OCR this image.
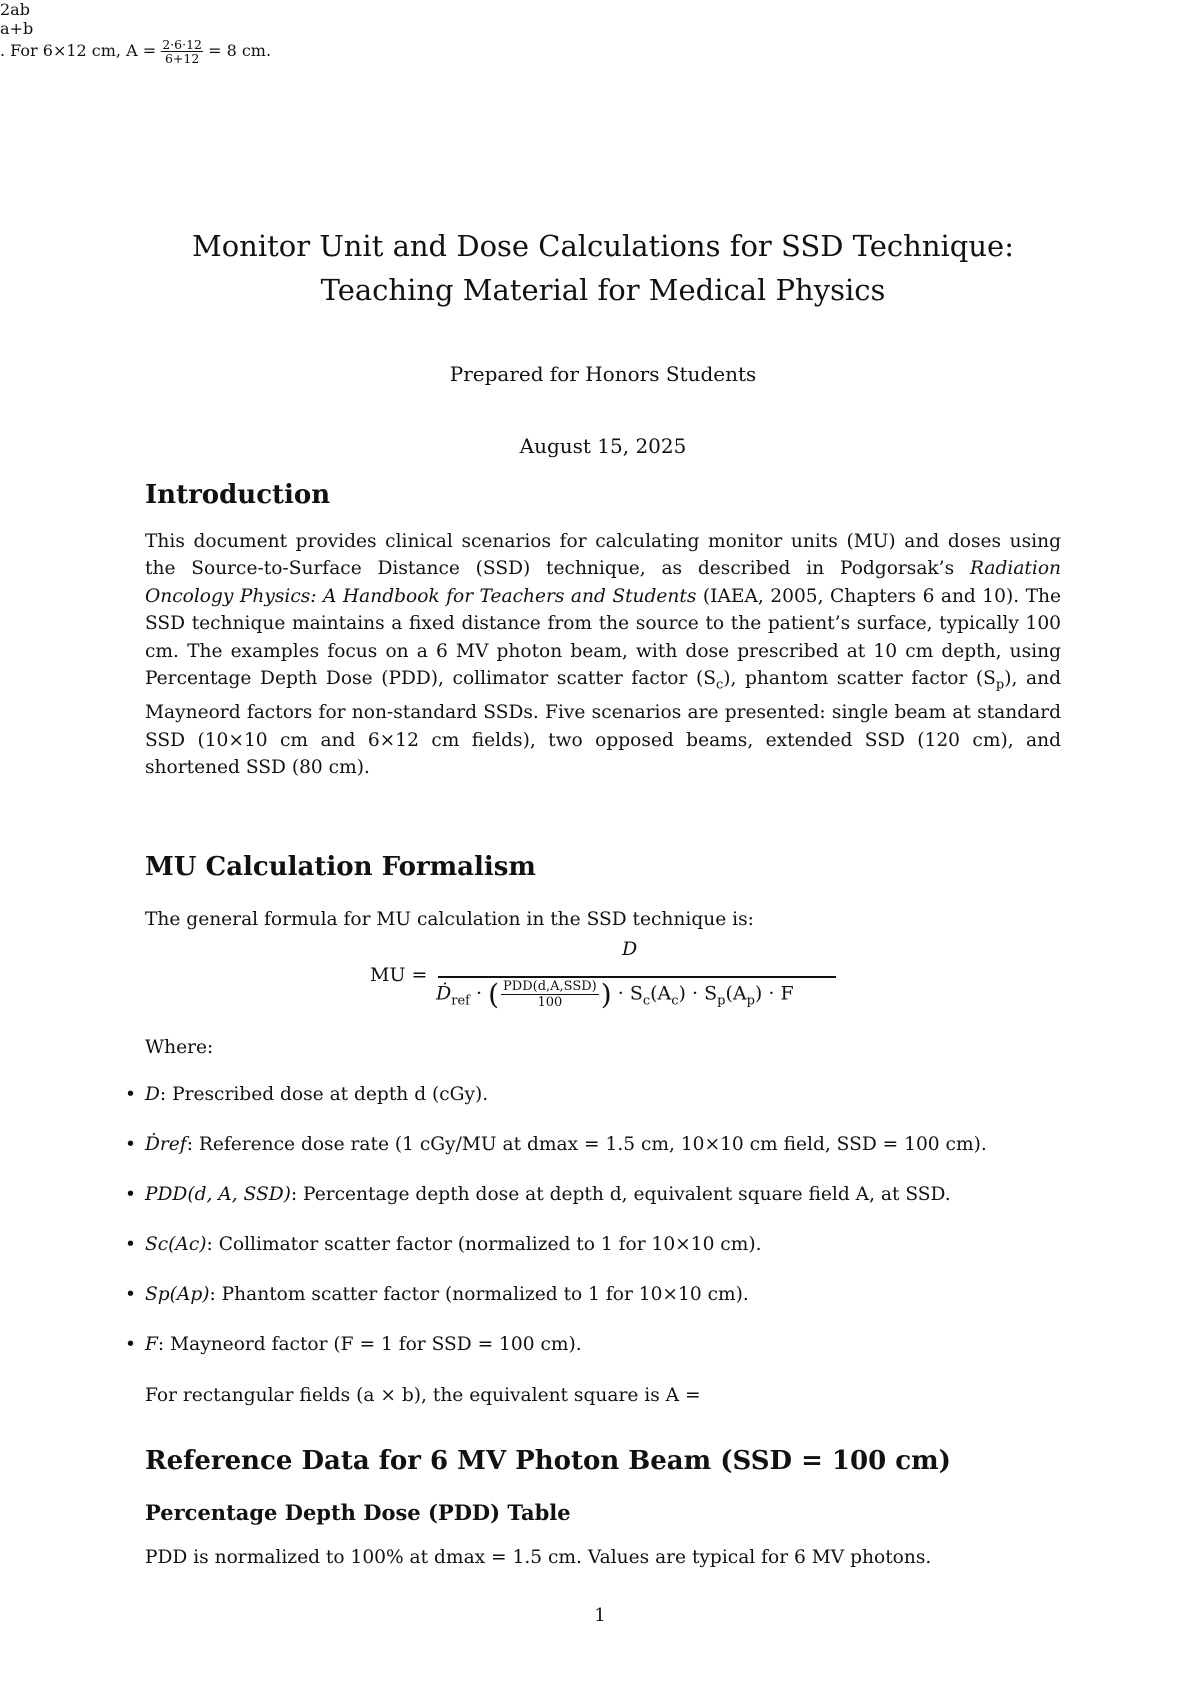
Monitor Unit and Dose Calculations for SSD Technique:
Teaching Material for Medical Physics
Prepared for Honors Students
August 15, 2025
Introduction

This document provides clinical scenarios for calculating monitor units (MU) and doses using the Source-to-Surface Distance (SSD) technique, as described in Podgorsak’s Radiation Oncology Physics: A Handbook for Teachers and Students (IAEA, 2005, Chapters 6 and 10). The SSD technique maintains a fixed distance from the source to the patient’s surface, typically 100 cm. The examples focus on a 6 MV photon beam, with dose prescribed at 10 cm depth, using Percentage Depth Dose (PDD), collimator scatter factor $(S_c)$, phantom scatter factor $(S_p)$, and Mayneord factors for non-standard SSDs. Five scenarios are presented: single beam at standard SSD (10×10 cm and 6×12 cm fields), two opposed beams, extended SSD (120 cm), and shortened SSD (80 cm).

MU Calculation Formalism

The general formula for MU calculation in the SSD technique is:

MU =
D
Ḋ$_{ref}$ · ( $\frac{\text{PDD(d,A,SSD)}}{100}$ ) · $S_c(A_c) \cdot S_p(A_p) \cdot F$

Where:

• D: Prescribed dose at depth d (cGy).
• Ḋref: Reference dose rate (1 cGy/MU at dmax = 1.5 cm, 10×10 cm field, SSD = 100 cm).
• PDD(d, A, SSD): Percentage depth dose at depth d, equivalent square field A, at SSD.
• Sc(Ac): Collimator scatter factor (normalized to 1 for 10×10 cm).
• Sp(Ap): Phantom scatter factor (normalized to 1 for 10×10 cm).
• F: Mayneord factor (F = 1 for SSD = 100 cm).

For rectangular fields (a × b), the equivalent square is A =

2ab
a+b
. For 6×12 cm, $A = \frac{2\cdot 6\cdot 12}{6+12} = 8$ cm.

Reference Data for 6 MV Photon Beam (SSD = 100 cm)
Percentage Depth Dose (PDD) Table

PDD is normalized to 100% at dmax = 1.5 cm. Values are typical for 6 MV photons.

1
